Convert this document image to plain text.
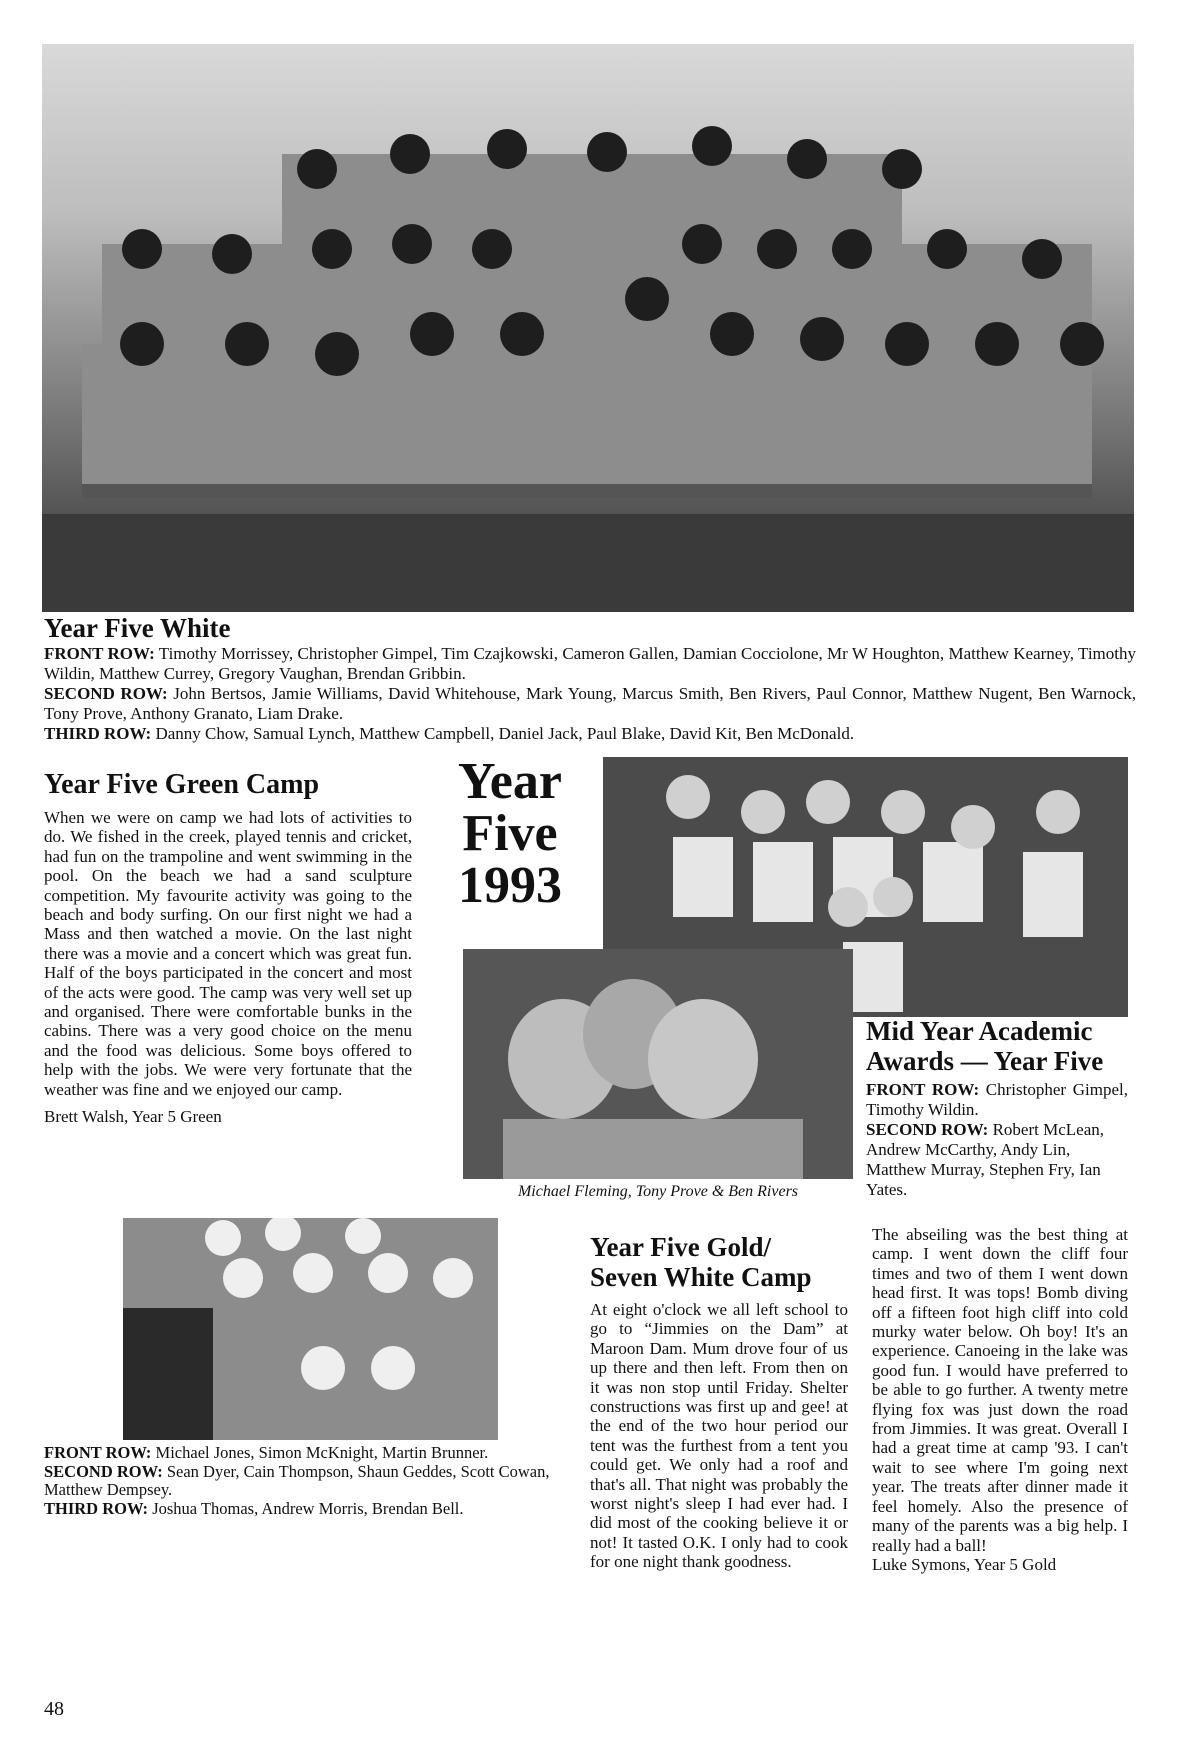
Year Five White
FRONT ROW: Timothy Morrissey, Christopher Gimpel, Tim Czajkowski, Cameron Gallen, Damian Cocciolone, Mr W Houghton, Matthew Kearney, Timothy Wildin, Matthew Currey, Gregory Vaughan, Brendan Gribbin.
SECOND ROW: John Bertsos, Jamie Williams, David Whitehouse, Mark Young, Marcus Smith, Ben Rivers, Paul Connor, Matthew Nugent, Ben Warnock, Tony Prove, Anthony Granato, Liam Drake.
THIRD ROW: Danny Chow, Samual Lynch, Matthew Campbell, Daniel Jack, Paul Blake, David Kit, Ben McDonald.
Year Five Green Camp

When we were on camp we had lots of activities to do. We fished in the creek, played tennis and cricket, had fun on the trampoline and went swimming in the pool. On the beach we had a sand sculpture competition. My favourite activity was going to the beach and body surfing. On our first night we had a Mass and then watched a movie. On the last night there was a movie and a concert which was great fun. Half of the boys participated in the concert and most of the acts were good. The camp was very well set up and organised. There were comfortable bunks in the cabins. There was a very good choice on the menu and the food was delicious. Some boys offered to help with the jobs. We were very fortunate that the weather was fine and we enjoyed our camp.

Brett Walsh, Year 5 Green

Year
Five
1993
Michael Fleming, Tony Prove & Ben Rivers
Mid Year Academic
Awards — Year Five
FRONT ROW: Christopher Gimpel, Timothy Wildin.
SECOND ROW: Robert McLean, Andrew McCarthy, Andy Lin, Matthew Murray, Stephen Fry, Ian Yates.
FRONT ROW: Michael Jones, Simon McKnight, Martin Brunner.
SECOND ROW: Sean Dyer, Cain Thompson, Shaun Geddes, Scott Cowan, Matthew Dempsey.
THIRD ROW: Joshua Thomas, Andrew Morris, Brendan Bell.
Year Five Gold/
Seven White Camp

At eight o'clock we all left school to go to “Jimmies on the Dam” at Maroon Dam. Mum drove four of us up there and then left. From then on it was non stop until Friday. Shelter constructions was first up and gee! at the end of the two hour period our tent was the furthest from a tent you could get. We only had a roof and that's all. That night was probably the worst night's sleep I had ever had. I did most of the cooking believe it or not! It tasted O.K. I only had to cook for one night thank goodness.

The abseiling was the best thing at camp. I went down the cliff four times and two of them I went down head first. It was tops! Bomb diving off a fifteen foot high cliff into cold murky water below. Oh boy! It's an experience. Canoeing in the lake was good fun. I would have preferred to be able to go further. A twenty metre flying fox was just down the road from Jimmies. It was great. Overall I had a great time at camp '93. I can't wait to see where I'm going next year. The treats after dinner made it feel homely. Also the presence of many of the parents was a big help. I really had a ball!

Luke Symons, Year 5 Gold

48
